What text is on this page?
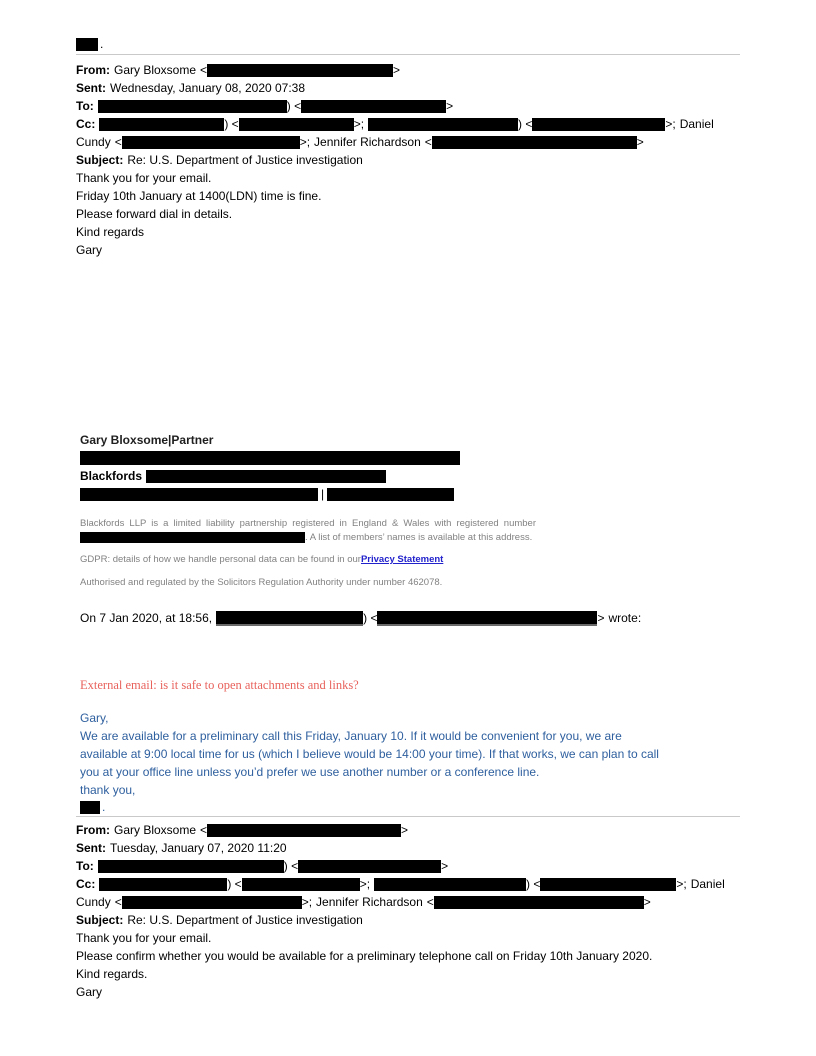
.
From: Gary Bloxsome <	>
Sent: Wednesday, January 08, 2020 07:38
To:	) <	>
Cc:	) <	>;	) <	>; Daniel
Cundy <	>; Jennifer Richardson <	>
Subject: Re: U.S. Department of Justice investigation
Thank you for your email.
Friday 10th January at 1400(LDN) time is fine.
Please forward dial in details.
Kind regards
Gary
Gary Bloxsome|Partner
Blackfords
|
Blackfords LLP is a limited liability partnership registered in England & Wales with registered number . A list of members’ names is available at this address.
GDPR: details of how we handle personal data can be found in ourPrivacy Statement
Authorised and regulated by the Solicitors Regulation Authority under number 462078.
On 7 Jan 2020, at 18:56,	) <	> wrote:
External email: is it safe to open attachments and links?
Gary,
We are available for a preliminary call this Friday, January 10. If it would be convenient for you, we are
available at 9:00 local time for us (which I believe would be 14:00 your time). If that works, we can plan to call
you at your office line unless you’d prefer we use another number or a conference line.
thank you,
.
From: Gary Bloxsome <	>
Sent: Tuesday, January 07, 2020 11:20
To:	) <	>
Cc:	) <	>;	) <	>; Daniel
Cundy <	>; Jennifer Richardson <	>
Subject: Re: U.S. Department of Justice investigation
Thank you for your email.
Please confirm whether you would be available for a preliminary telephone call on Friday 10th January 2020.
Kind regards.
Gary
